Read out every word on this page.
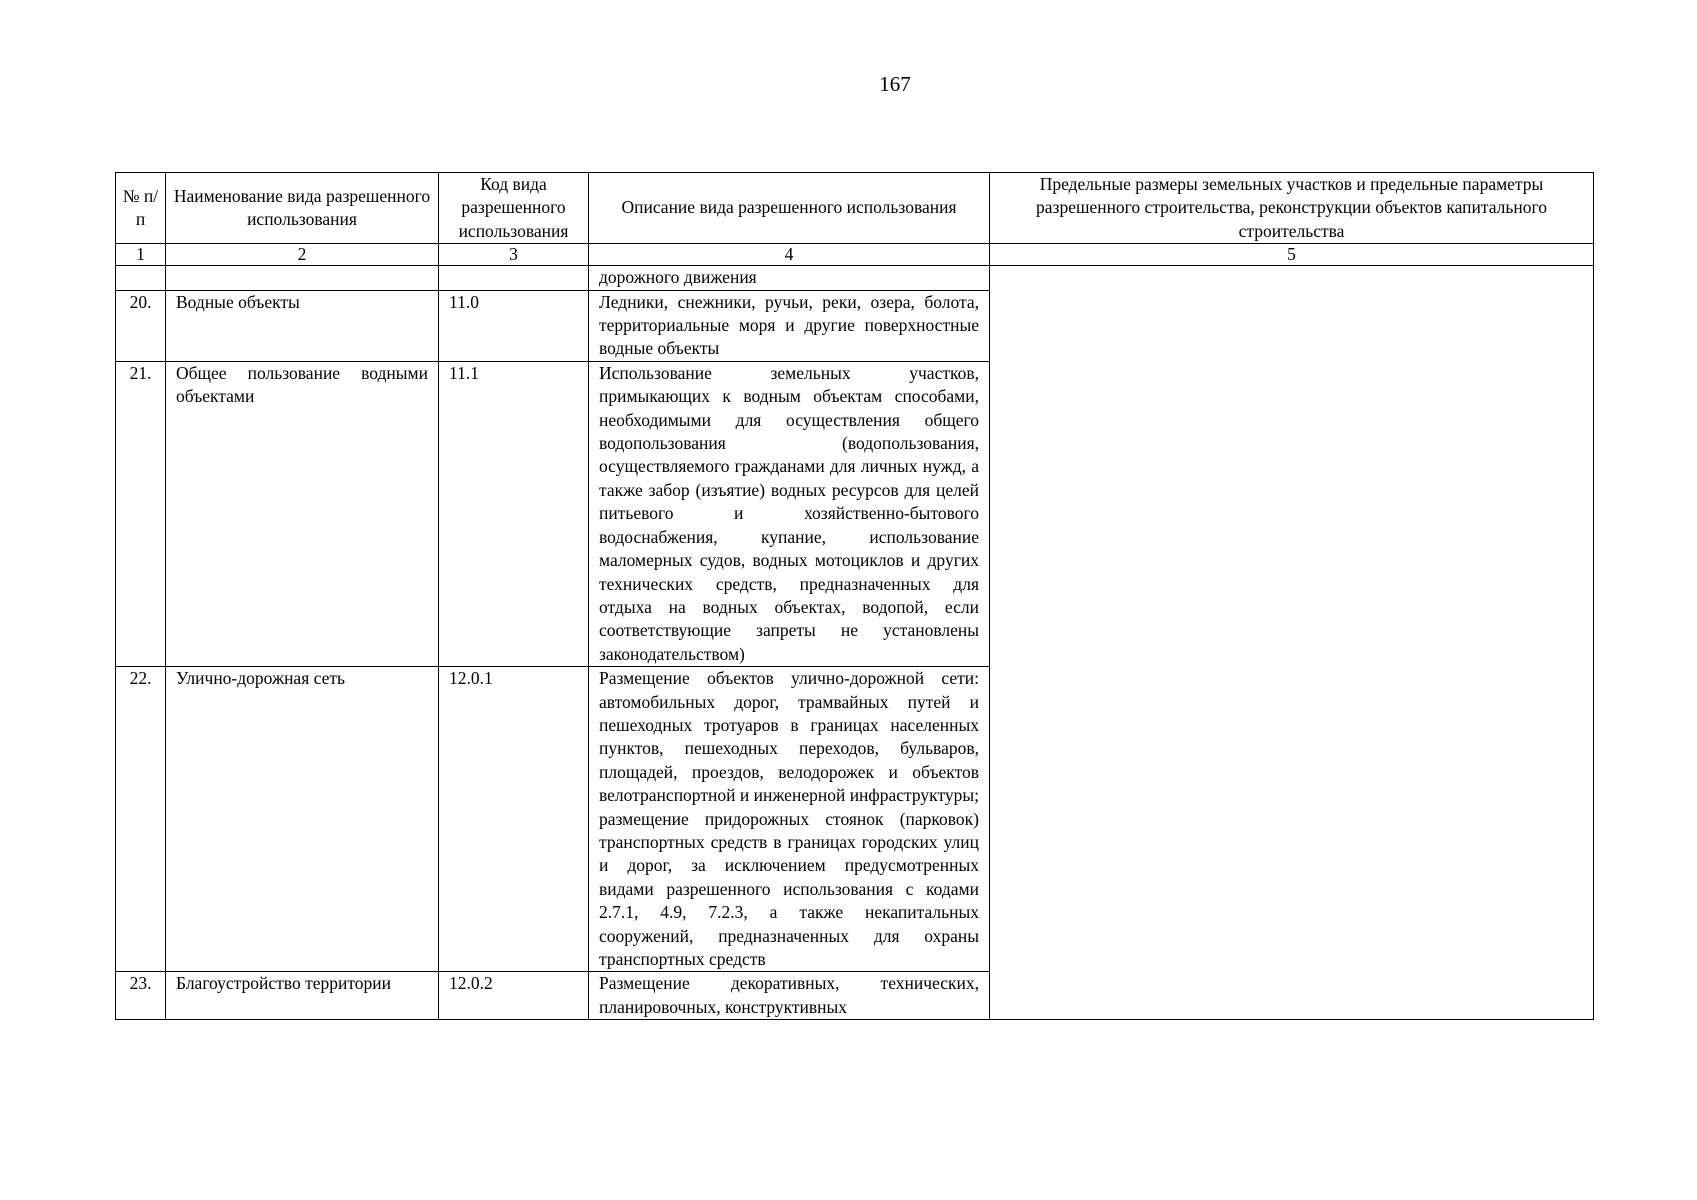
167
№ п/п	Наименование вида разрешенного использования	Код вида разрешенного использования	Описание вида разрешенного использования	Предельные размеры земельных участков и предельные параметры разрешенного строительства, реконструкции объектов капитального строительства
1	2	3	4	5
			дорожного движения	
20.	Водные объекты	11.0	Ледники, снежники, ручьи, реки, озера, болота, территориальные моря и другие поверхностные водные объекты	
21.	Общее пользование водными объектами	11.1	Использование земельных участков, примыкающих к водным объектам способами, необходимыми для осуществления общего водопользования (водопользования, осуществляемого гражданами для личных нужд, а также забор (изъятие) водных ресурсов для целей питьевого и хозяйственно-бытового водоснабжения, купание, использование маломерных судов, водных мотоциклов и других технических средств, предназначенных для отдыха на водных объектах, водопой, если соответствующие запреты не установлены законодательством)	
22.	Улично-дорожная сеть	12.0.1	Размещение объектов улично-дорожной сети: автомобильных дорог, трамвайных путей и пешеходных тротуаров в границах населенных пунктов, пешеходных переходов, бульваров, площадей, проездов, велодорожек и объектов велотранспортной и инженерной инфраструктуры; размещение придорожных стоянок (парковок) транспортных средств в границах городских улиц и дорог, за исключением предусмотренных видами разрешенного использования с кодами 2.7.1, 4.9, 7.2.3, а также некапитальных сооружений, предназначенных для охраны транспортных средств	
23.	Благоустройство территории	12.0.2	Размещение декоративных, технических, планировочных, конструктивных	
